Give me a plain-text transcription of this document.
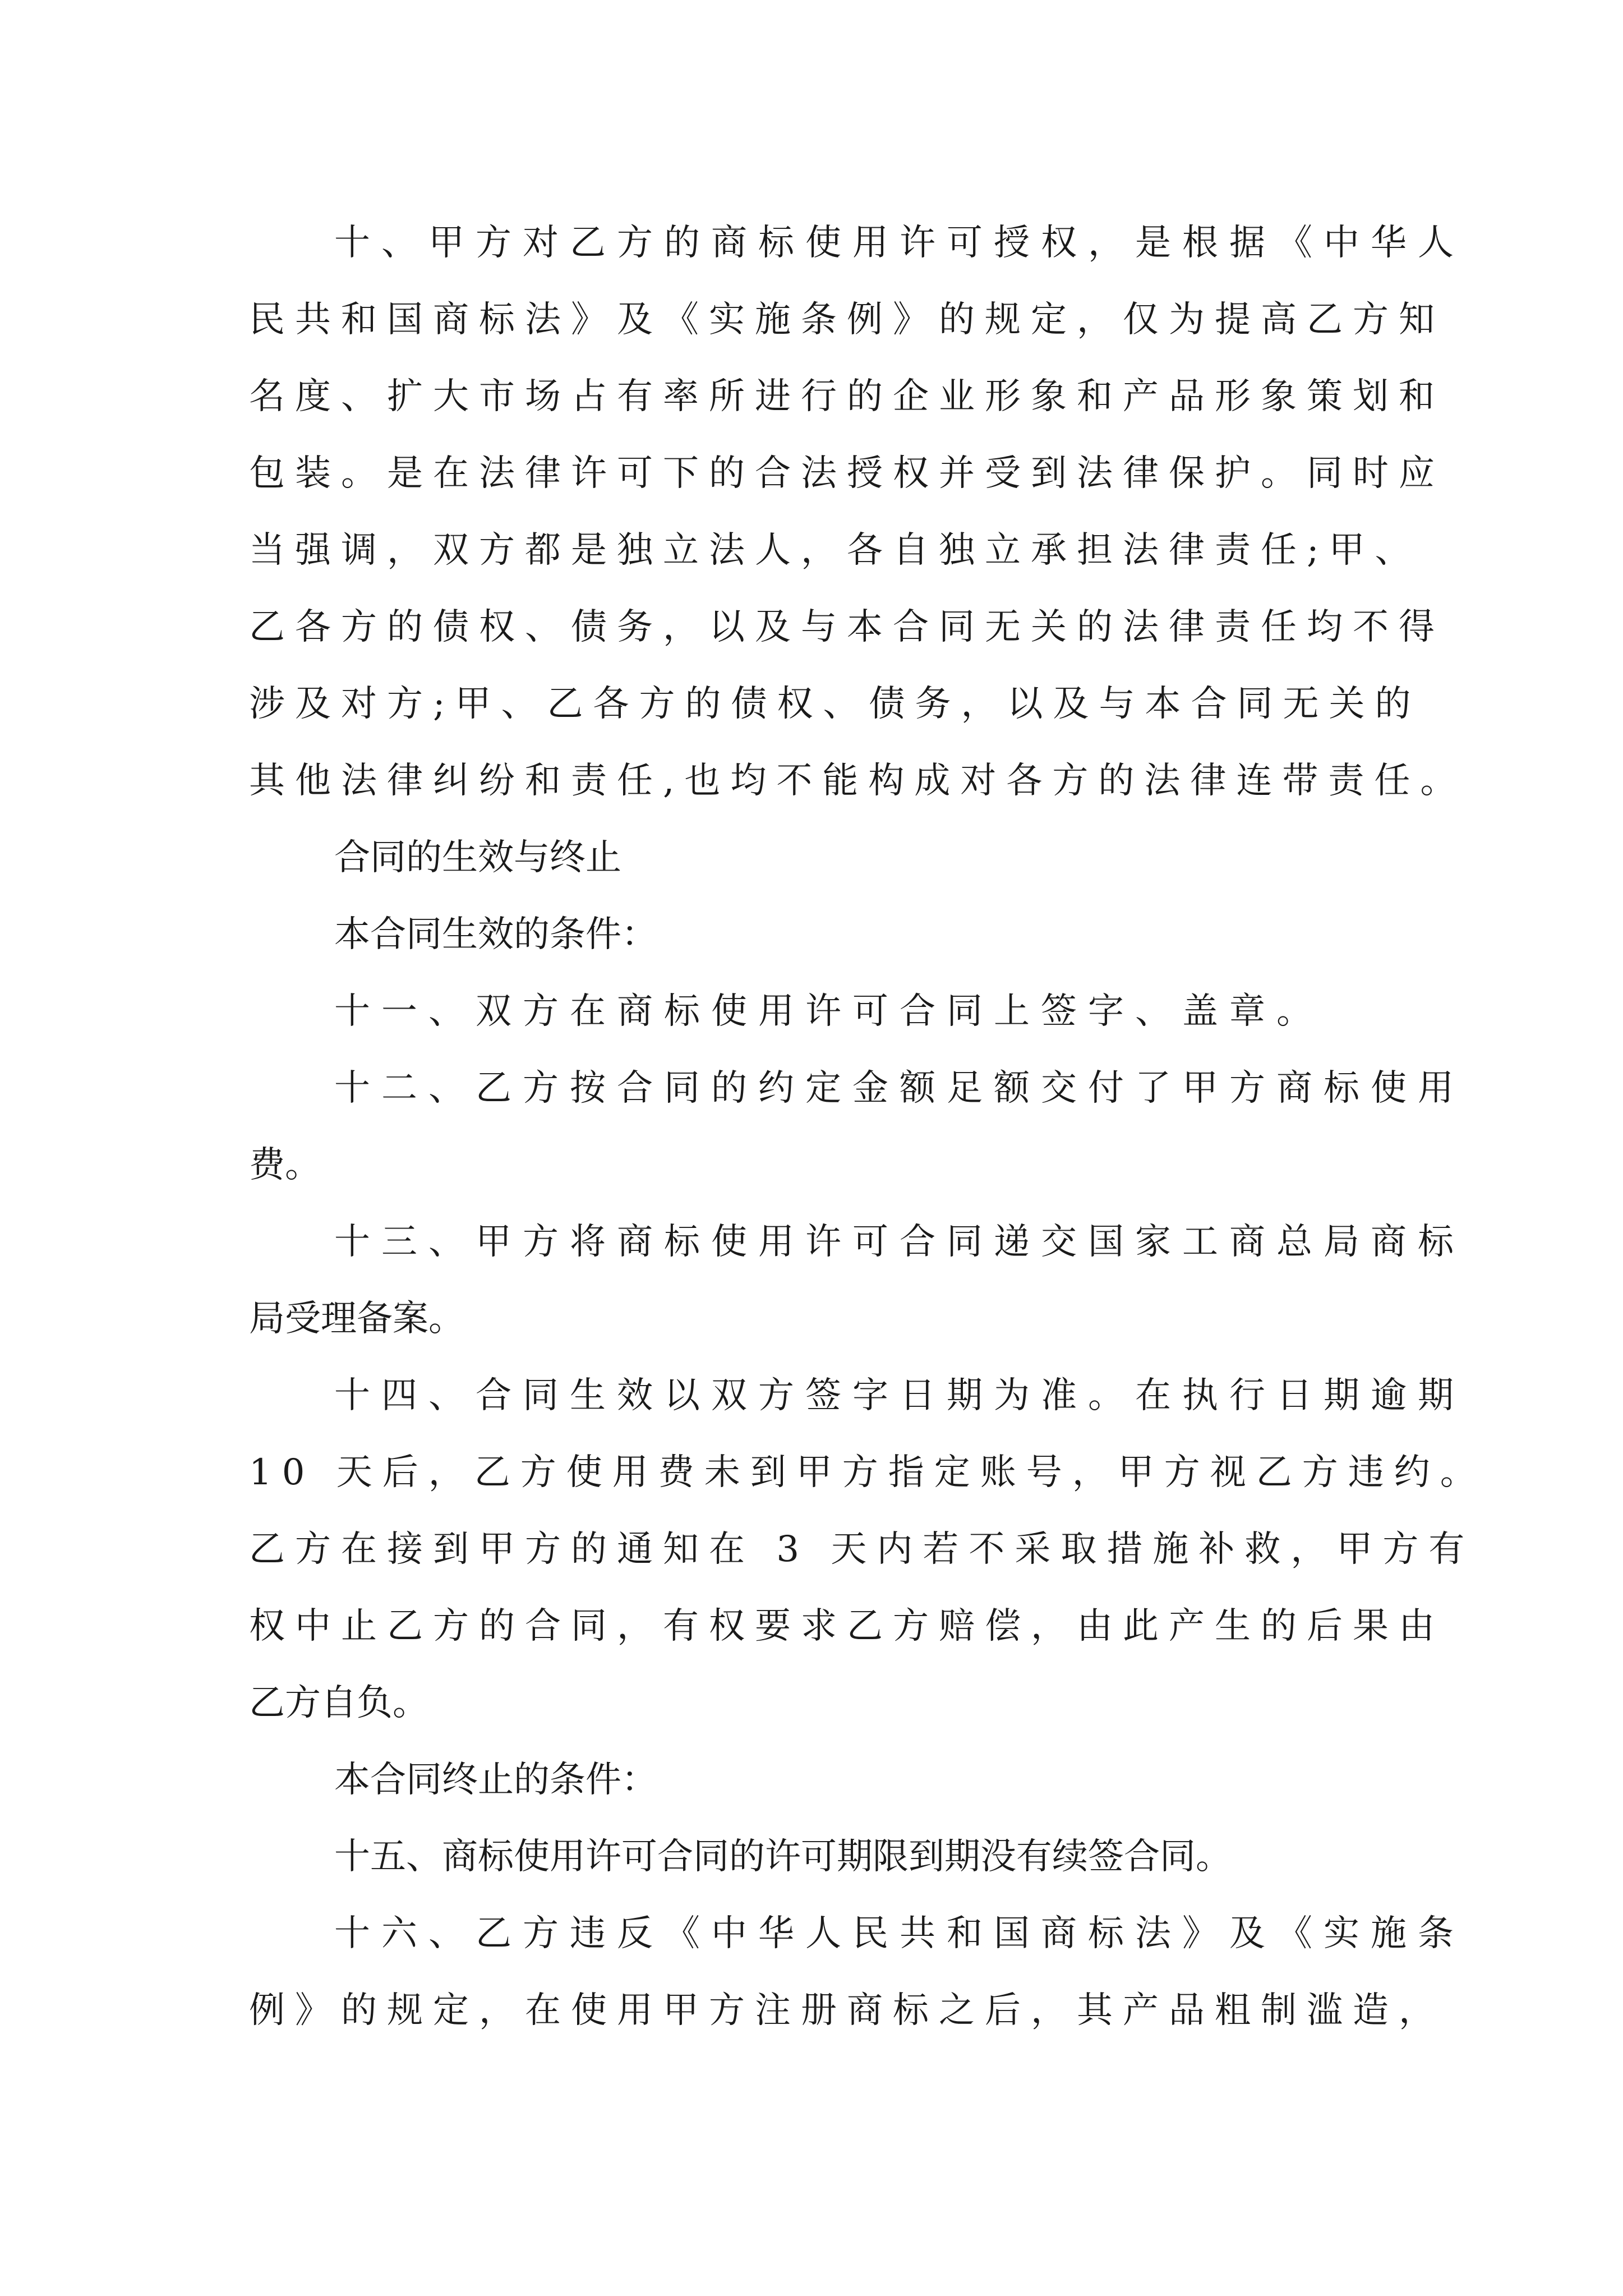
十、甲方对乙方的商标使用许可授权，是根据《中华人
民共和国商标法》及《实施条例》的规定，仅为提高乙方知
名度、扩大市场占有率所进行的企业形象和产品形象策划和
包装。是在法律许可下的合法授权并受到法律保护。同时应
当强调，双方都是独立法人，各自独立承担法律责任;甲、
乙各方的债权、债务，以及与本合同无关的法律责任均不得
涉及对方;甲、乙各方的债权、债务，以及与本合同无关的
其他法律纠纷和责任,也均不能构成对各方的法律连带责任。
合同的生效与终止
本合同生效的条件：
十一、双方在商标使用许可合同上签字、盖章。
十二、乙方按合同的约定金额足额交付了甲方商标使用
费。
十三、甲方将商标使用许可合同递交国家工商总局商标
局受理备案。
十四、合同生效以双方签字日期为准。在执行日期逾期
10 天后，乙方使用费未到甲方指定账号，甲方视乙方违约。
乙方在接到甲方的通知在 3 天内若不采取措施补救，甲方有
权中止乙方的合同，有权要求乙方赔偿，由此产生的后果由
乙方自负。
本合同终止的条件：
十五、商标使用许可合同的许可期限到期没有续签合同。
十六、乙方违反《中华人民共和国商标法》及《实施条
例》的规定，在使用甲方注册商标之后，其产品粗制滥造，
